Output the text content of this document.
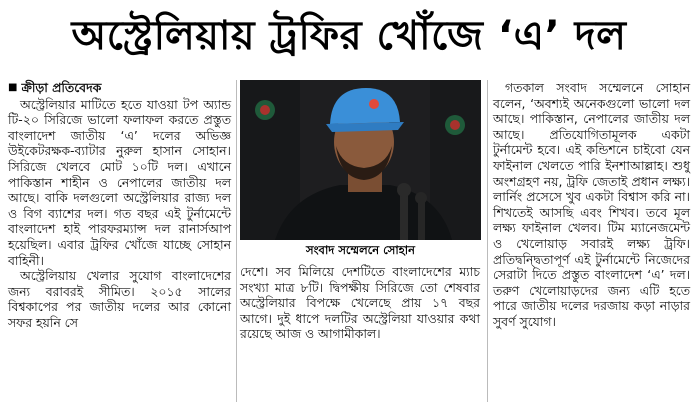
অস্ট্রেলিয়ায় ট্রফির খোঁজে ‘এ’ দল
■ ক্রীড়া প্রতিবেদক

অস্ট্রেলিয়ার মাটিতে হতে যাওয়া টপ অ্যান্ড টি-২০ সিরিজে ভালো ফলাফল করতে প্রস্তুত বাংলাদেশ জাতীয় ‘এ’ দলের অভিজ্ঞ উইকেটরক্ষক-ব্যাটার নুরুল হাসান সোহান। সিরিজে খেলবে মোট ১০টি দল। এখানে পাকিস্তান শাহীন ও নেপালের জাতীয় দল আছে। বাকি দলগুলো অস্ট্রেলিয়ার রাজ্য দল ও বিগ ব্যাশের দল। গত বছর এই টুর্নামেন্টে বাংলাদেশ হাই পারফরম্যান্স দল রানার্সআপ হয়েছিল। এবার ট্রফির খোঁজে যাচ্ছে সোহান বাহিনী।

অস্ট্রেলিয়ায় খেলার সুযোগ বাংলাদেশের জন্য বরাবরই সীমিত। ২০১৫ সালের বিশ্বকাপের পর জাতীয় দলের আর কোনো সফর হয়নি সে

সংবাদ সম্মেলনে সোহান

দেশে। সব মিলিয়ে দেশটিতে বাংলাদেশের ম্যাচ সংখ্যা মাত্র ৮টি। দ্বিপক্ষীয় সিরিজে তো শেষবার অস্ট্রেলিয়ার বিপক্ষে খেলেছে প্রায় ১৭ বছর আগে। দুই ধাপে দলটির অস্ট্রেলিয়া যাওয়ার কথা রয়েছে আজ ও আগামীকাল।

গতকাল সংবাদ সম্মেলনে সোহান বলেন, ‘অবশ্যই অনেকগুলো ভালো দল আছে। পাকিস্তান, নেপালের জাতীয় দল আছে। প্রতিযোগিতামূলক একটা টুর্নামেন্ট হবে। এই কন্ডিশনে চাইবো যেন ফাইনাল খেলতে পারি ইনশাআল্লাহ। শুধু অংশগ্রহণ নয়, ট্রফি জেতাই প্রধান লক্ষ্য। লার্নিং প্রসেসে খুব একটা বিশ্বাস করি না। শিখতেই আসছি এবং শিখব। তবে মূল লক্ষ্য ফাইনাল খেলব। টিম ম্যানেজমেন্ট ও খেলোয়াড় সবারই লক্ষ্য ট্রফি। প্রতিদ্বন্দ্বিতাপূর্ণ এই টুর্নামেন্টে নিজেদের সেরাটা দিতে প্রস্তুত বাংলাদেশ ‘এ’ দল। তরুণ খেলোয়াড়দের জন্য এটি হতে পারে জাতীয় দলের দরজায় কড়া নাড়ার সুবর্ণ সুযোগ।
